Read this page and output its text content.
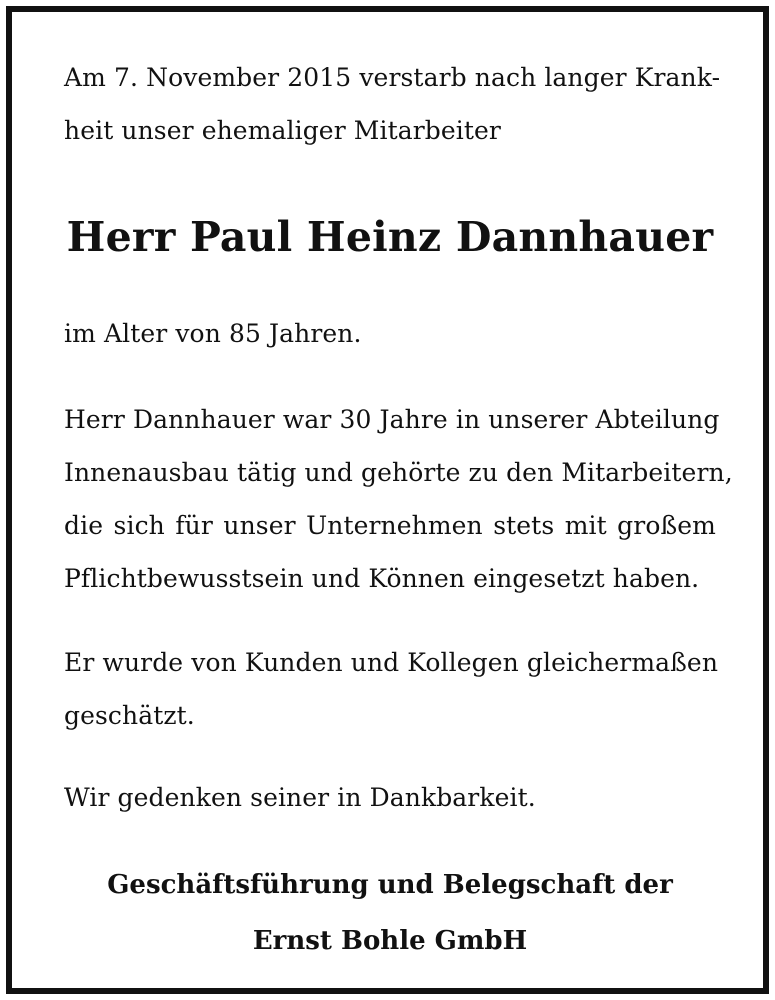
Am 7. November 2015 verstarb nach langer Krank-
heit unser ehemaliger Mitarbeiter
Herr Paul Heinz Dannhauer
im Alter von 85 Jahren.
Herr Dannhauer war 30 Jahre in unserer Abteilung
Innenausbau tätig und gehörte zu den Mitarbeitern,
die sich für unser Unternehmen stets mit großem
Pflichtbewusstsein und Können eingesetzt haben.
Er wurde von Kunden und Kollegen gleichermaßen
geschätzt.
Wir gedenken seiner in Dankbarkeit.
Geschäftsführung und Belegschaft der
Ernst Bohle GmbH
